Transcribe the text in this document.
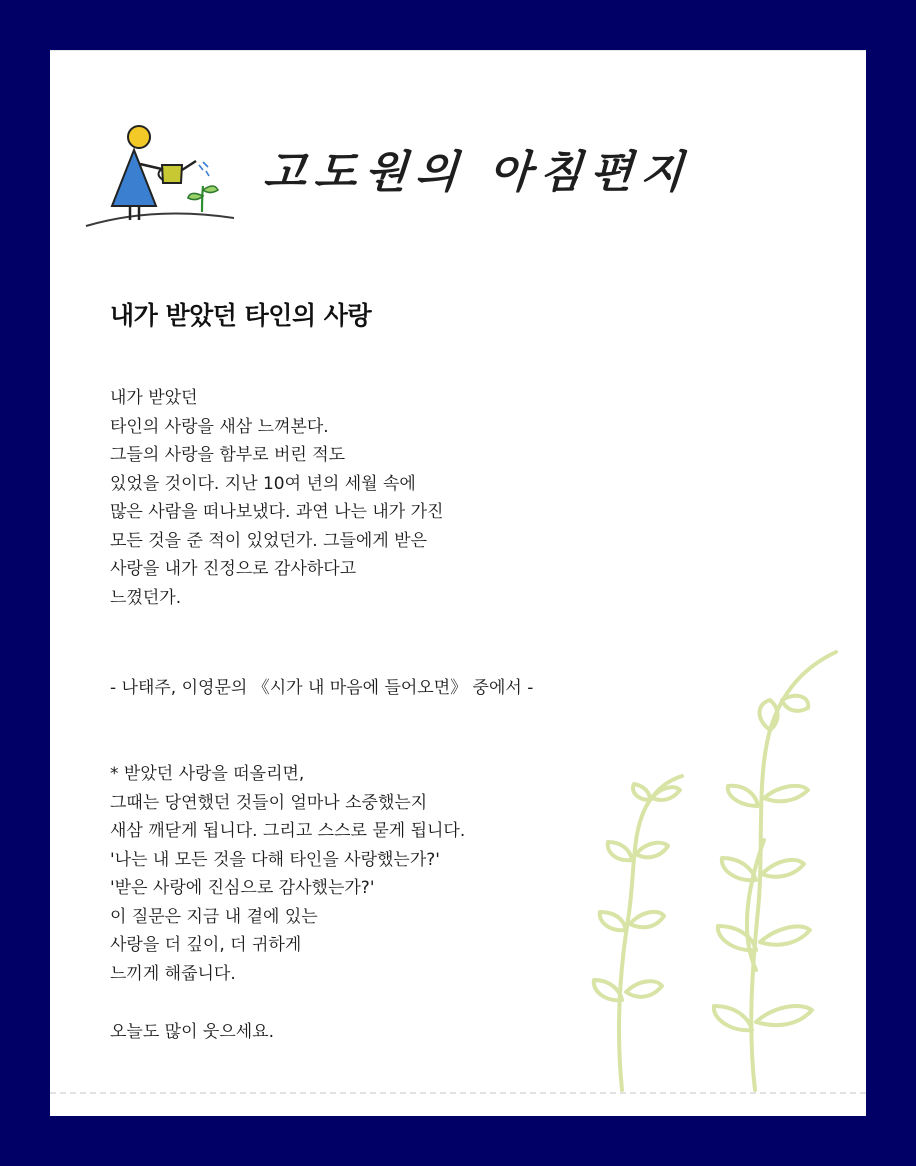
고도원의 아침편지
내가 받았던 타인의 사랑
내가 받았던
타인의 사랑을 새삼 느껴본다.
그들의 사랑을 함부로 버린 적도
있었을 것이다. 지난 10여 년의 세월 속에
많은 사람을 떠나보냈다. 과연 나는 내가 가진
모든 것을 준 적이 있었던가. 그들에게 받은
사랑을 내가 진정으로 감사하다고
느꼈던가.
- 나태주, 이영문의 《시가 내 마음에 들어오면》 중에서 -
* 받았던 사랑을 떠올리면,
그때는 당연했던 것들이 얼마나 소중했는지
새삼 깨닫게 됩니다. 그리고 스스로 묻게 됩니다.
'나는 내 모든 것을 다해 타인을 사랑했는가?'
'받은 사랑에 진심으로 감사했는가?'
이 질문은 지금 내 곁에 있는
사랑을 더 깊이, 더 귀하게
느끼게 해줍니다.
오늘도 많이 웃으세요.
